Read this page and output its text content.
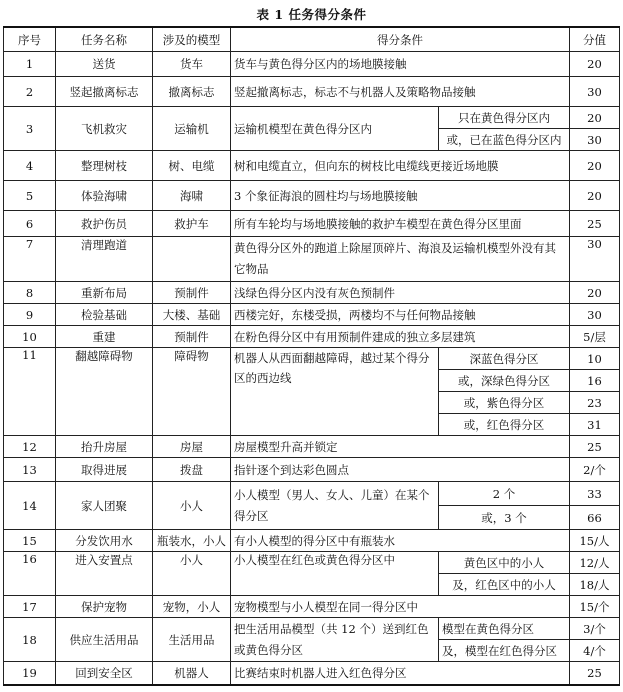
表 1 任务得分条件
序号	任务名称	涉及的模型	得分条件		分值
1	送货	货车	货车与黄色得分区内的场地膜接触		20
2	竖起撤离标志	撤离标志	竖起撤离标志，标志不与机器人及策略物品接触		30
3	飞机救灾	运输机	运输机模型在黄色得分区内	只在黄色得分区内	20
				或，已在蓝色得分区内	30
4	整理树枝	树、电缆	树和电缆直立，但向东的树枝比电缆线更接近场地膜		20
5	体验海啸	海啸	3 个象征海浪的圆柱均与场地膜接触		20
6	救护伤员	救护车	所有车轮均与场地膜接触的救护车模型在黄色得分区里面		25
7	清理跑道		黄色得分区外的跑道上除屋顶碎片、海浪及运输机模型外没有其它物品		30
8	重新布局	预制件	浅绿色得分区内没有灰色预制件		20
9	检验基础	大楼、基础	西楼完好，东楼受损，两楼均不与任何物品接触		30
10	重建	预制件	在粉色得分区中有用预制件建成的独立多层建筑		5/层
11	翻越障碍物	障碍物	机器人从西面翻越障碍，越过某个得分区的西边线	深蓝色得分区	10
				或，深绿色得分区	16
				或，紫色得分区	23
				或，红色得分区	31
12	抬升房屋	房屋	房屋模型升高并锁定		25
13	取得进展	拨盘	指针逐个到达彩色圆点		2/个
14	家人团聚	小人	小人模型（男人、女人、儿童）在某个得分区	2 个	33
				或，3 个	66
15	分发饮用水	瓶装水，小人	有小人模型的得分区中有瓶装水		15/人
16	进入安置点	小人	小人模型在红色或黄色得分区中	黄色区中的小人	12/人
				及，红色区中的小人	18/人
17	保护宠物	宠物，小人	宠物模型与小人模型在同一得分区中		15/个
18	供应生活用品	生活用品	把生活用品模型（共 12 个）送到红色或黄色得分区	模型在黄色得分区	3/个
				及，模型在红色得分区	4/个
19	回到安全区	机器人	比赛结束时机器人进入红色得分区		25
